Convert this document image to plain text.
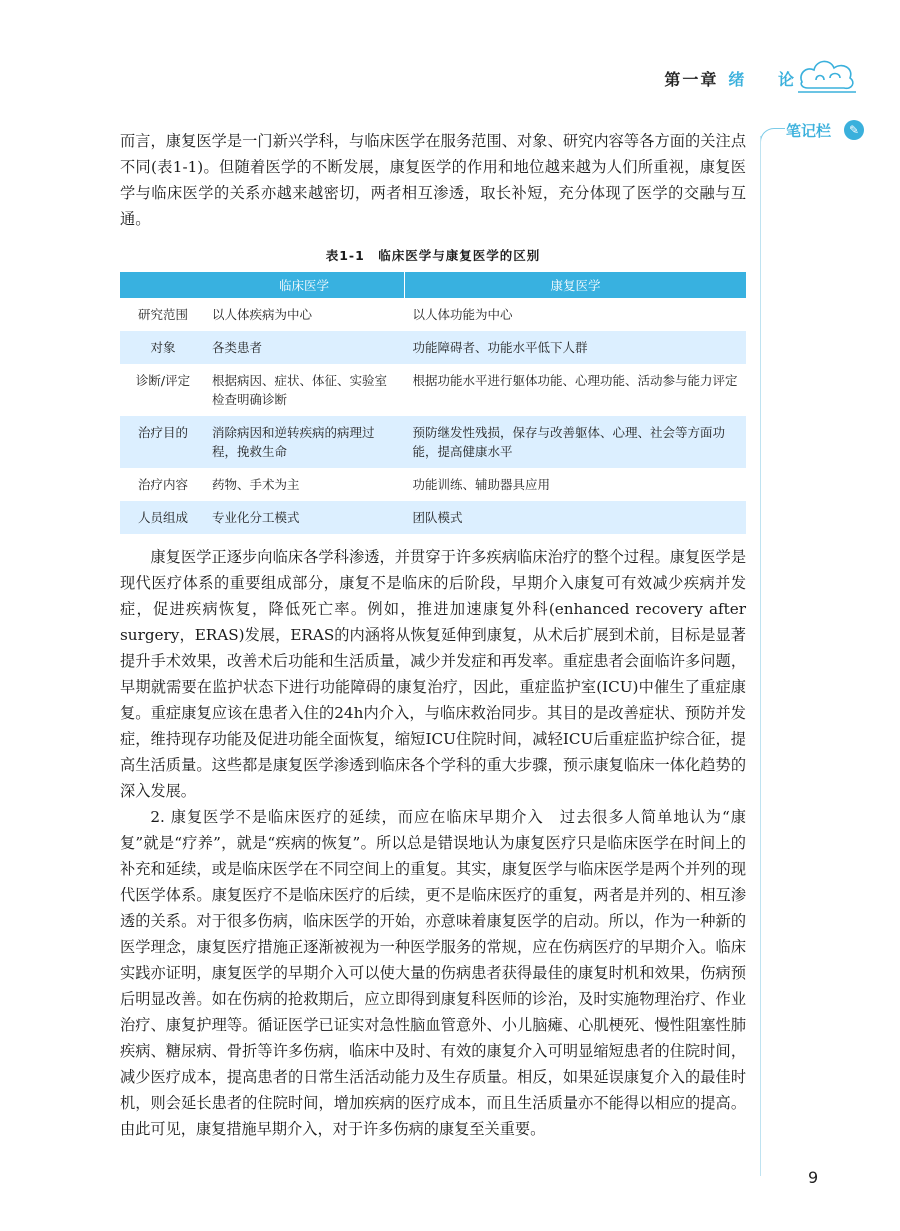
第一章 绪 论
笔记栏	✎

而言，康复医学是一门新兴学科，与临床医学在服务范围、对象、研究内容等各方面的关注点不同(表1-1)。但随着医学的不断发展，康复医学的作用和地位越来越为人们所重视，康复医学与临床医学的关系亦越来越密切，两者相互渗透，取长补短，充分体现了医学的交融与互通。

表1-1　临床医学与康复医学的区别
	临床医学	康复医学
研究范围	以人体疾病为中心	以人体功能为中心
对象	各类患者	功能障碍者、功能水平低下人群
诊断/评定	根据病因、症状、体征、实验室检查明确诊断	根据功能水平进行躯体功能、心理功能、活动参与能力评定
治疗目的	消除病因和逆转疾病的病理过程，挽救生命	预防继发性残损，保存与改善躯体、心理、社会等方面功能，提高健康水平
治疗内容	药物、手术为主	功能训练、辅助器具应用
人员组成	专业化分工模式	团队模式

康复医学正逐步向临床各学科渗透，并贯穿于许多疾病临床治疗的整个过程。康复医学是现代医疗体系的重要组成部分，康复不是临床的后阶段，早期介入康复可有效减少疾病并发症，促进疾病恢复，降低死亡率。例如，推进加速康复外科(enhanced recovery after surgery，ERAS)发展，ERAS的内涵将从恢复延伸到康复，从术后扩展到术前，目标是显著提升手术效果，改善术后功能和生活质量，减少并发症和再发率。重症患者会面临许多问题，早期就需要在监护状态下进行功能障碍的康复治疗，因此，重症监护室(ICU)中催生了重症康复。重症康复应该在患者入住的24h内介入，与临床救治同步。其目的是改善症状、预防并发症，维持现存功能及促进功能全面恢复，缩短ICU住院时间，减轻ICU后重症监护综合征，提高生活质量。这些都是康复医学渗透到临床各个学科的重大步骤，预示康复临床一体化趋势的深入发展。

2. 康复医学不是临床医疗的延续，而应在临床早期介入　过去很多人简单地认为“康复”就是“疗养”，就是“疾病的恢复”。所以总是错误地认为康复医疗只是临床医学在时间上的补充和延续，或是临床医学在不同空间上的重复。其实，康复医学与临床医学是两个并列的现代医学体系。康复医疗不是临床医疗的后续，更不是临床医疗的重复，两者是并列的、相互渗透的关系。对于很多伤病，临床医学的开始，亦意味着康复医学的启动。所以，作为一种新的医学理念，康复医疗措施正逐渐被视为一种医学服务的常规，应在伤病医疗的早期介入。临床实践亦证明，康复医学的早期介入可以使大量的伤病患者获得最佳的康复时机和效果，伤病预后明显改善。如在伤病的抢救期后，应立即得到康复科医师的诊治，及时实施物理治疗、作业治疗、康复护理等。循证医学已证实对急性脑血管意外、小儿脑瘫、心肌梗死、慢性阻塞性肺疾病、糖尿病、骨折等许多伤病，临床中及时、有效的康复介入可明显缩短患者的住院时间，减少医疗成本，提高患者的日常生活活动能力及生存质量。相反，如果延误康复介入的最佳时机，则会延长患者的住院时间，增加疾病的医疗成本，而且生活质量亦不能得以相应的提高。由此可见，康复措施早期介入，对于许多伤病的康复至关重要。

9
